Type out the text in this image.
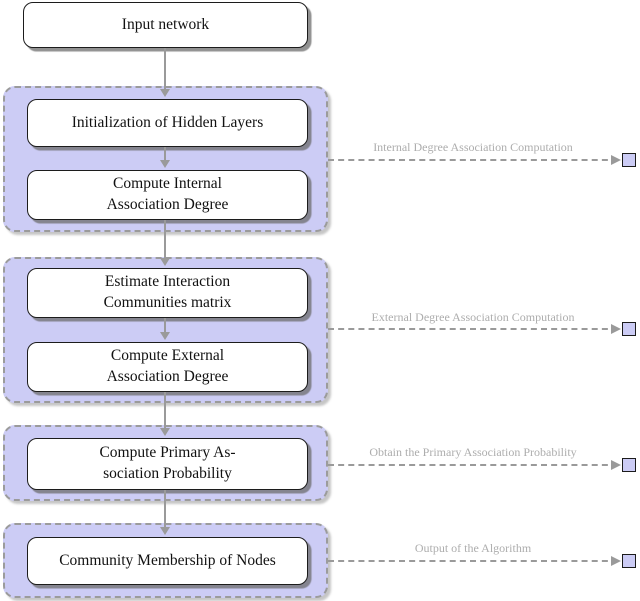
Input network
Initialization of Hidden Layers
Compute Internal
Association Degree
Estimate Interaction
Communities matrix
Compute External
Association Degree
Compute Primary As-
sociation Probability
Community Membership of Nodes
Internal Degree Association Computation
External Degree Association Computation
Obtain the Primary Association Probability
Output of the Algorithm
